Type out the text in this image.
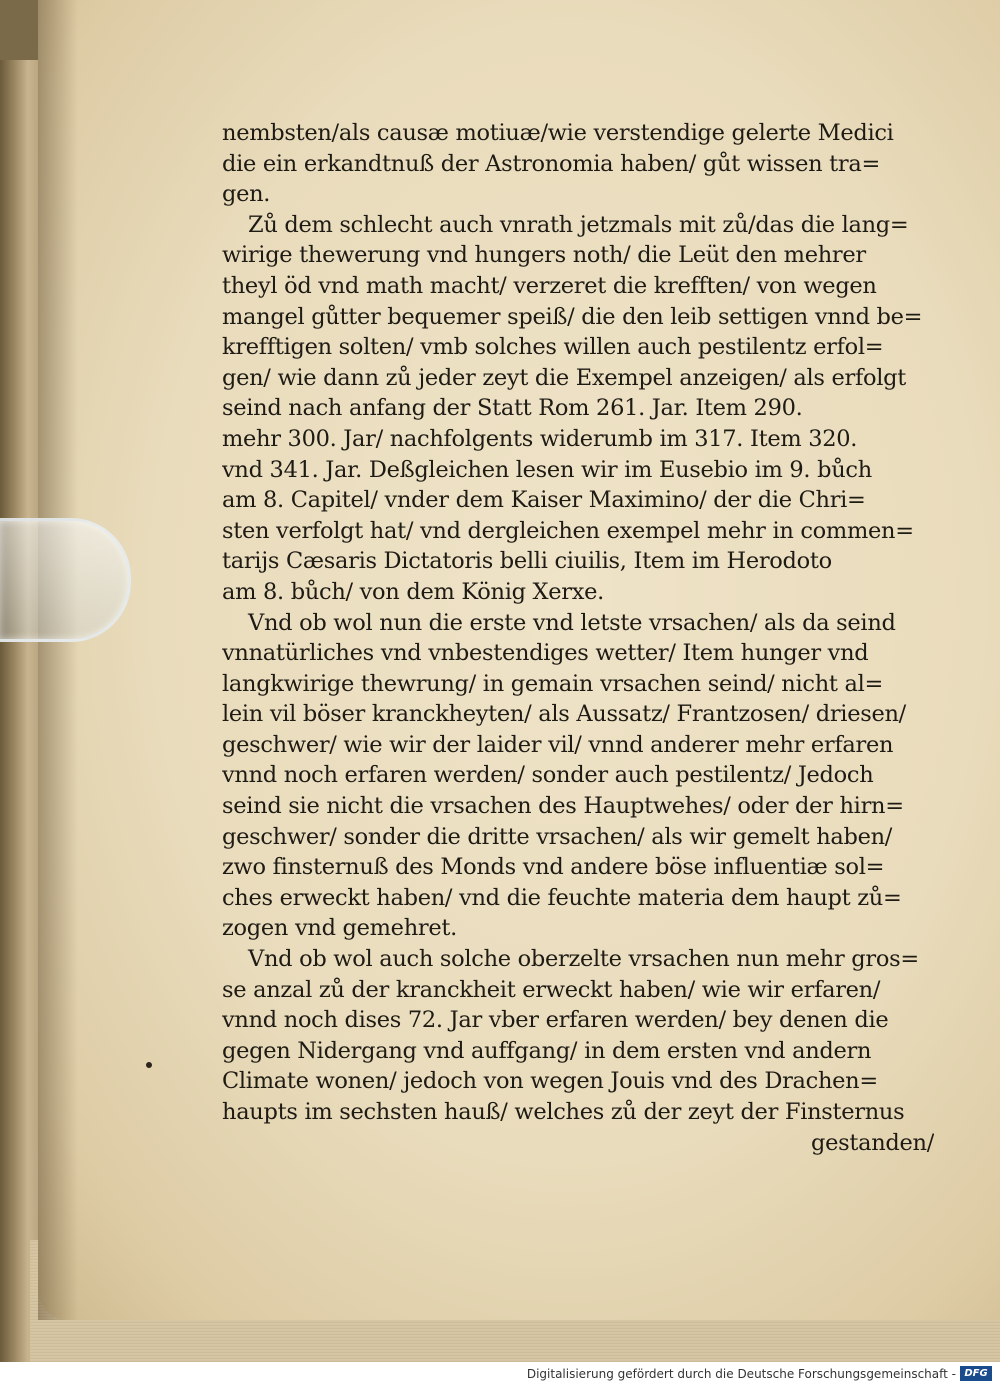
nembsten/als causæ motiuæ/wie verstendige gelerte Medici
die ein erkandtnuß der Astronomia haben/ gůt wissen tra=
gen.
Zů dem schlecht auch vnrath jetzmals mit zů/das die lang=
wirige thewerung vnd hungers noth/ die Leüt den mehrer
theyl öd vnd math macht/ verzeret die krefften/ von wegen
mangel gůtter bequemer speiß/ die den leib settigen vnnd be=
krefftigen solten/ vmb solches willen auch pestilentz erfol=
gen/ wie dann zů jeder zeyt die Exempel anzeigen/ als erfolgt
seind nach anfang der Statt Rom 261. Jar. Item 290.
mehr 300. Jar/ nachfolgents widerumb im 317. Item 320.
vnd 341. Jar. Deßgleichen lesen wir im Eusebio im 9. bůch
am 8. Capitel/ vnder dem Kaiser Maximino/ der die Chri=
sten verfolgt hat/ vnd dergleichen exempel mehr in commen=
tarijs Cæsaris Dictatoris belli ciuilis, Item im Herodoto
am 8. bůch/ von dem König Xerxe.
Vnd ob wol nun die erste vnd letste vrsachen/ als da seind
vnnatürliches vnd vnbestendiges wetter/ Item hunger vnd
langkwirige thewrung/ in gemain vrsachen seind/ nicht al=
lein vil böser kranckheyten/ als Aussatz/ Frantzosen/ driesen/
geschwer/ wie wir der laider vil/ vnnd anderer mehr erfaren
vnnd noch erfaren werden/ sonder auch pestilentz/ Jedoch
seind sie nicht die vrsachen des Hauptwehes/ oder der hirn=
geschwer/ sonder die dritte vrsachen/ als wir gemelt haben/
zwo finsternuß des Monds vnd andere böse influentiæ sol=
ches erweckt haben/ vnd die feuchte materia dem haupt zů=
zogen vnd gemehret.
Vnd ob wol auch solche oberzelte vrsachen nun mehr gros=
se anzal zů der kranckheit erweckt haben/ wie wir erfaren/
vnnd noch dises 72. Jar vber erfaren werden/ bey denen die
gegen Nidergang vnd auffgang/ in dem ersten vnd andern
Climate wonen/ jedoch von wegen Jouis vnd des Drachen=
haupts im sechsten hauß/ welches zů der zeyt der Finsternus
gestanden/
Digitalisierung gefördert durch die Deutsche Forschungsgemeinschaft - DFG
